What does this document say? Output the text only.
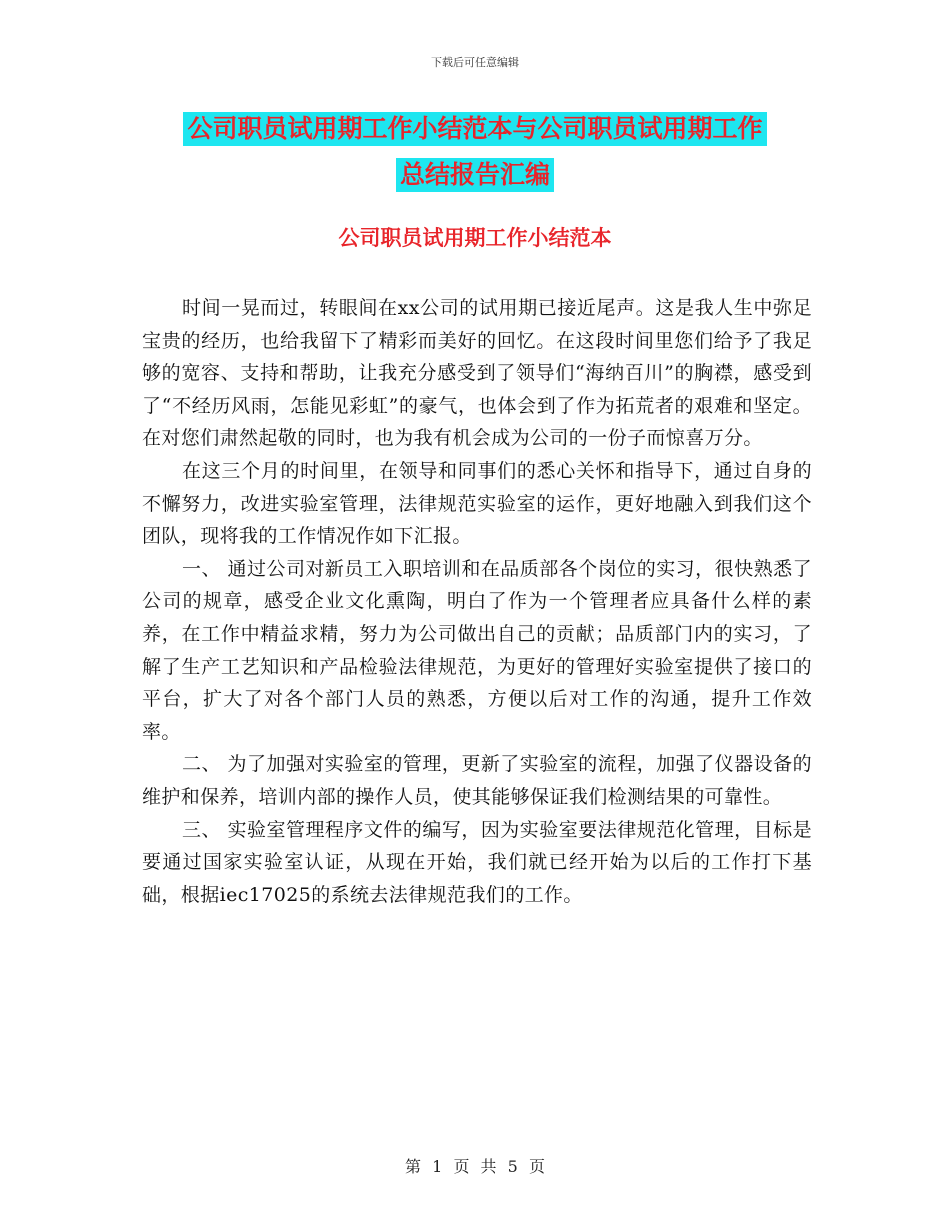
下载后可任意编辑
公司职员试用期工作小结范本与公司职员试用期工作
总结报告汇编
公司职员试用期工作小结范本

时间一晃而过，转眼间在xx公司的试用期已接近尾声。这是我人生中弥足宝贵的经历，也给我留下了精彩而美好的回忆。在这段时间里您们给予了我足够的宽容、支持和帮助，让我充分感受到了领导们“海纳百川”的胸襟，感受到了“不经历风雨，怎能见彩虹”的豪气，也体会到了作为拓荒者的艰难和坚定。在对您们肃然起敬的同时，也为我有机会成为公司的一份子而惊喜万分。

在这三个月的时间里，在领导和同事们的悉心关怀和指导下，通过自身的不懈努力，改进实验室管理，法律规范实验室的运作，更好地融入到我们这个团队，现将我的工作情况作如下汇报。

一、 通过公司对新员工入职培训和在品质部各个岗位的实习，很快熟悉了公司的规章，感受企业文化熏陶，明白了作为一个管理者应具备什么样的素养，在工作中精益求精，努力为公司做出自己的贡献；品质部门内的实习，了解了生产工艺知识和产品检验法律规范，为更好的管理好实验室提供了接口的平台，扩大了对各个部门人员的熟悉，方便以后对工作的沟通，提升工作效率。

二、 为了加强对实验室的管理，更新了实验室的流程，加强了仪器设备的维护和保养，培训内部的操作人员，使其能够保证我们检测结果的可靠性。

三、 实验室管理程序文件的编写，因为实验室要法律规范化管理，目标是要通过国家实验室认证，从现在开始，我们就已经开始为以后的工作打下基础，根据iec17025的系统去法律规范我们的工作。

第 1 页 共 5 页
